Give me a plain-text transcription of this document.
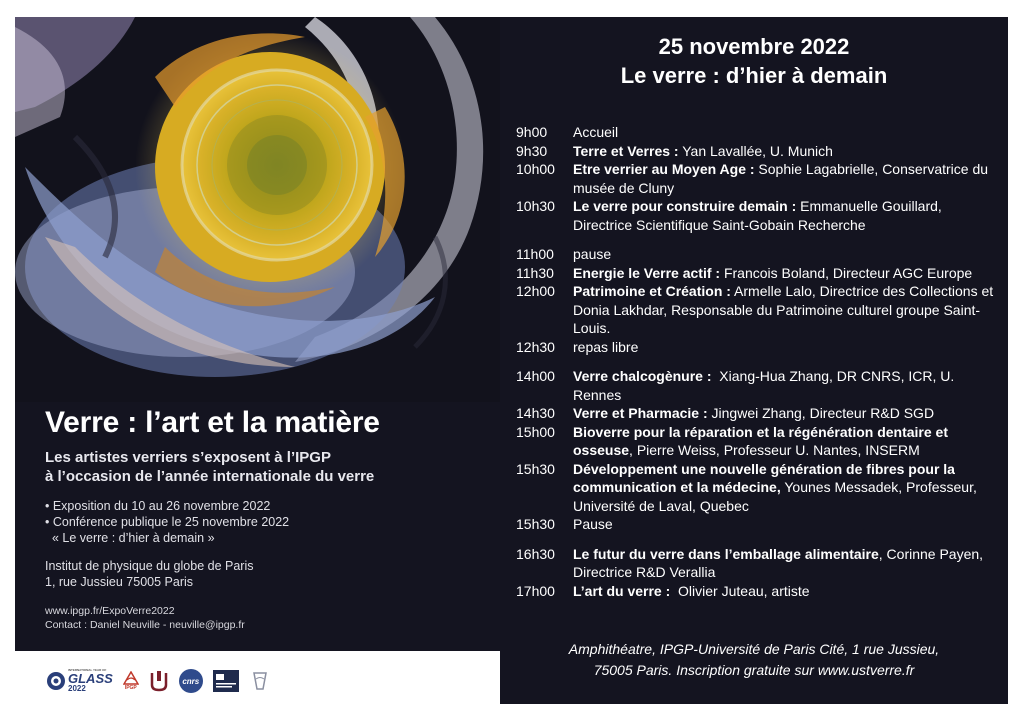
Verre : l’art et la matière
Les artistes verriers s’exposent à l’IPGP
à l’occasion de l’année internationale du verre
• Exposition du 10 au 26 novembre 2022
• Conférence publique le 25 novembre 2022
« Le verre : d’hier à demain »
Institut de physique du globe de Paris
1, rue Jussieu 75005 Paris
www.ipgp.fr/ExpoVerre2022
Contact : Daniel Neuville - neuville@ipgp.fr
INTERNATIONAL YEAR OF
GLASS
2022	IPGP
cnrs
25 novembre 2022
Le verre : d’hier à demain
9h00	Accueil
9h30	Terre et Verres : Yan Lavallée, U. Munich
10h00	Etre verrier au Moyen Age : Sophie Lagabrielle, Conservatrice du musée de Cluny
10h30	Le verre pour construire demain : Emmanuelle Gouillard, Directrice Scientifique Saint-Gobain Recherche
11h00	pause
11h30	Energie le Verre actif : Francois Boland, Directeur AGC Europe
12h00	Patrimoine et Création : Armelle Lalo, Directrice des Collections et Donia Lakhdar, Responsable du Patrimoine culturel groupe Saint-Louis.
12h30	repas libre
14h00	Verre chalcogènure :  Xiang-Hua Zhang, DR CNRS, ICR, U. Rennes
14h30	Verre et Pharmacie : Jingwei Zhang, Directeur R&D SGD
15h00	Bioverre pour la réparation et la régénération dentaire et osseuse, Pierre Weiss, Professeur U. Nantes, INSERM
15h30	Développement une nouvelle génération de fibres pour la communication et la médecine, Younes Messadek, Professeur, Université de Laval, Quebec
15h30	Pause
16h30	Le futur du verre dans l’emballage alimentaire, Corinne Payen, Directrice R&D Verallia
17h00	L’art du verre :  Olivier Juteau, artiste
Amphithéatre, IPGP-Université de Paris Cité, 1 rue Jussieu,
75005 Paris. Inscription gratuite sur www.ustverre.fr
